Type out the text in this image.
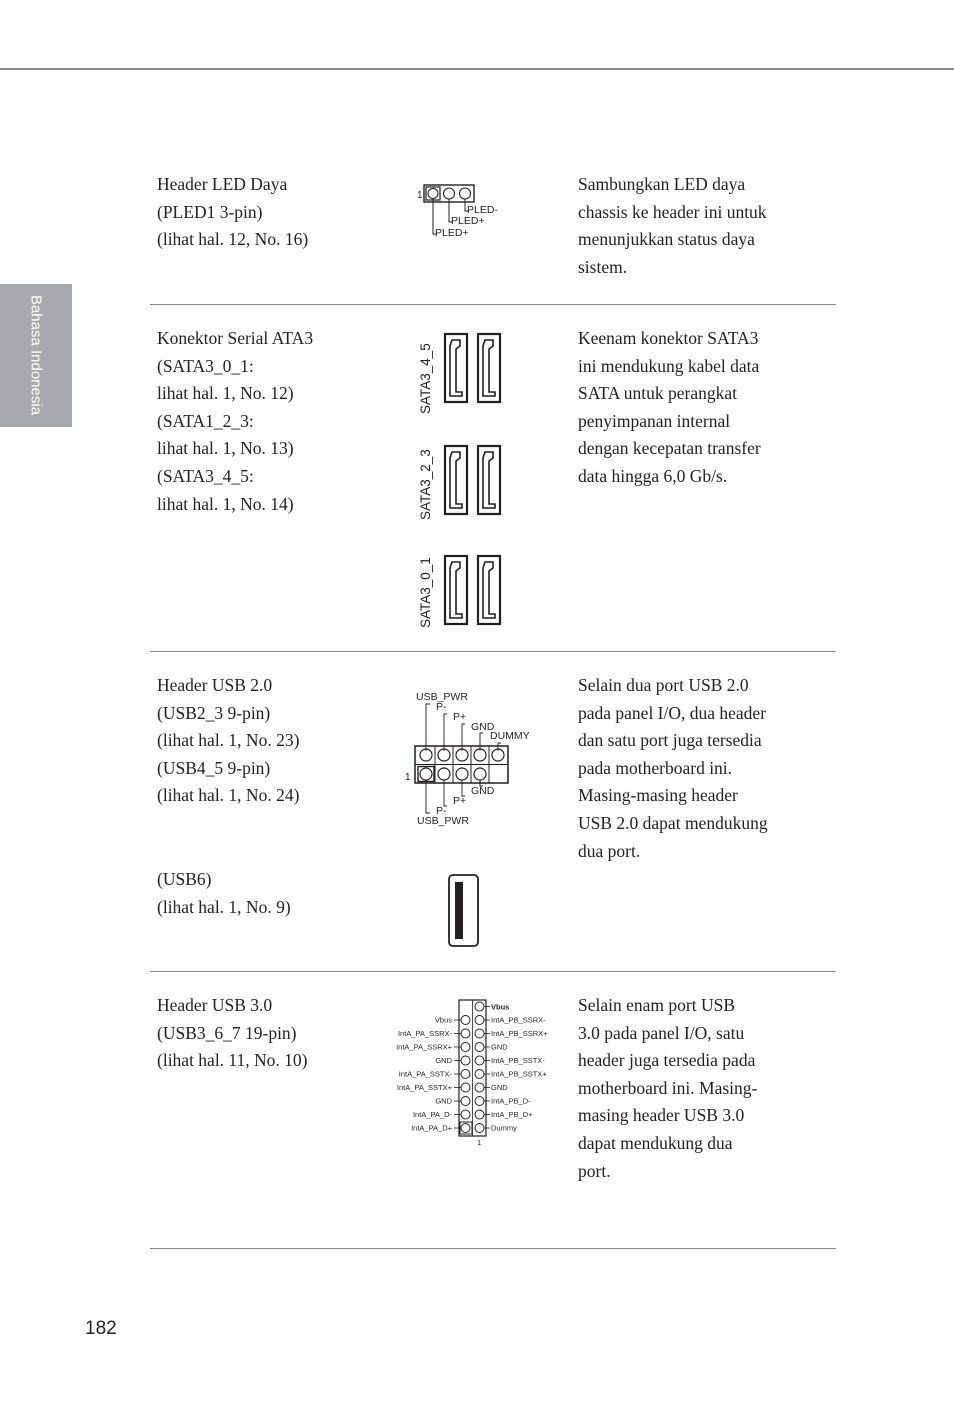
Bahasa Indonesia
Header LED Daya
(PLED1 3-pin)
(lihat hal. 12, No. 16)
Sambungkan LED daya
chassis ke header ini untuk
menunjukkan status daya
sistem.
1
PLED-
PLED+
PLED+
Konektor Serial ATA3
(SATA3_0_1:
lihat hal. 1, No. 12)
(SATA1_2_3:
lihat hal. 1, No. 13)
(SATA3_4_5:
lihat hal. 1, No. 14)
Keenam konektor SATA3
ini mendukung kabel data
SATA untuk perangkat
penyimpanan internal
dengan kecepatan transfer
data hingga 6,0 Gb/s.
SATA3_4_5
SATA3_2_3
SATA3_0_1
Header USB 2.0
(USB2_3 9-pin)
(lihat hal. 1, No. 23)
(USB4_5 9-pin)
(lihat hal. 1, No. 24)
(USB6)
(lihat hal. 1, No. 9)
Selain dua port USB 2.0
pada panel I/O, dua header
dan satu port juga tersedia
pada motherboard ini.
Masing-masing header
USB 2.0 dapat mendukung
dua port.
USB_PWR
P-
P+
GND
DUMMY
1
GND
P+
P-
USB_PWR
Header USB 3.0
(USB3_6_7 19-pin)
(lihat hal. 11, No. 10)
Selain enam port USB
3.0 pada panel I/O, satu
header juga tersedia pada
motherboard ini. Masing-
masing header USB 3.0
dapat mendukung dua
port.
Vbus
1
Vbus
IntA_PA_SSRX-
IntA_PA_SSRX+
GND
IntA_PA_SSTX-
IntA_PA_SSTX+
GND
IntA_PA_D-
IntA_PA_D+
IntA_PB_SSRX-
IntA_PB_SSRX+
GND
IntA_PB_SSTX-
IntA_PB_SSTX+
GND
IntA_PB_D-
IntA_PB_D+
Dummy
182
